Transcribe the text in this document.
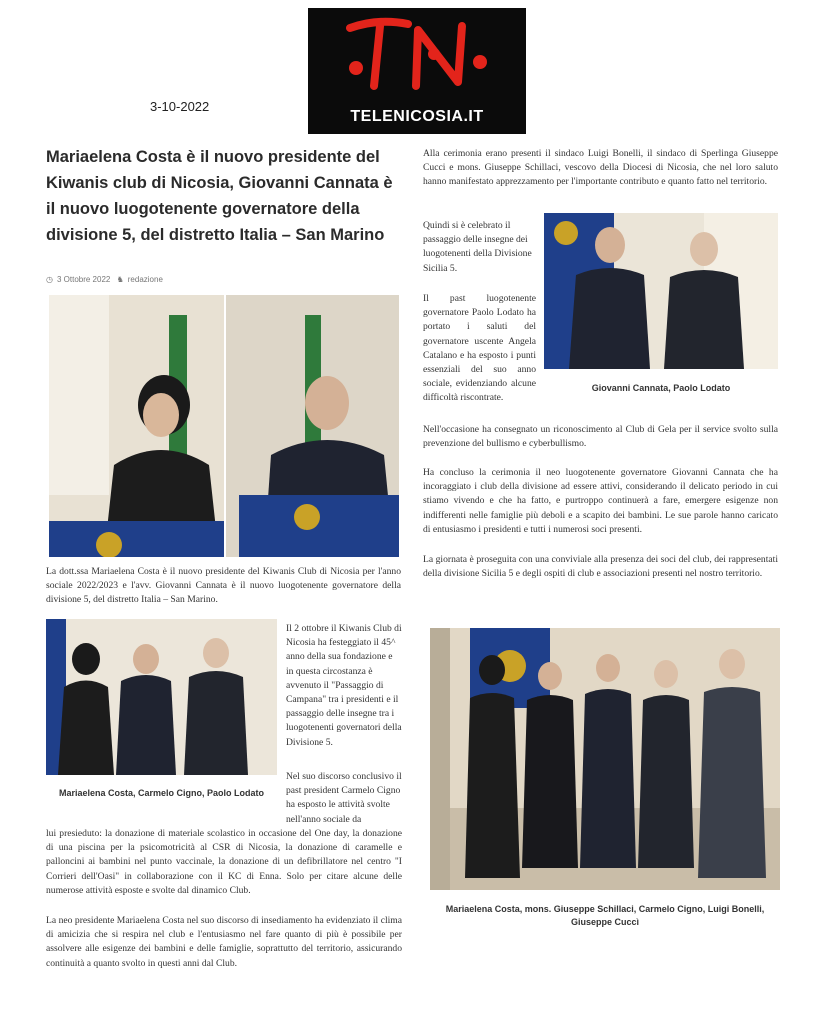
3-10-2022
TELENICOSIA.IT
Mariaelena Costa è il nuovo presidente del Kiwanis club di Nicosia, Giovanni Cannata è il nuovo luogotenente governatore della divisione 5, del distretto Italia – San Marino
◷ 3 Ottobre 2022 ♞ redazione

La dott.ssa Mariaelena Costa è il nuovo presidente del Kiwanis Club di Nicosia per l'anno sociale 2022/2023 e l'avv. Giovanni Cannata è il nuovo luogotenente governatore della divisione 5, del distretto Italia – San Marino.

Mariaelena Costa, Carmelo Cigno, Paolo Lodato

Il 2 ottobre il Kiwanis Club di Nicosia ha festeggiato il 45^ anno della sua fondazione e in questa circostanza è avvenuto il "Passaggio di Campana" tra i presidenti e il passaggio delle insegne tra i luogotenenti governatori della Divisione 5.

Nel suo discorso conclusivo il past president Carmelo Cigno ha esposto le attività svolte nell'anno sociale da

lui presieduto: la donazione di materiale scolastico in occasione del One day, la donazione di una piscina per la psicomotricità al CSR di Nicosia, la donazione di caramelle e palloncini ai bambini nel punto vaccinale, la donazione di un defibrillatore nel centro "I Corrieri dell'Oasi" in collaborazione con il KC di Enna. Solo per citare alcune delle numerose attività esposte e svolte dal dinamico Club.

La neo presidente Mariaelena Costa nel suo discorso di insediamento ha evidenziato il clima di amicizia che si respira nel club e l'entusiasmo nel fare quanto di più è possibile per assolvere alle esigenze dei bambini e delle famiglie, soprattutto del territorio, assicurando continuità a quanto svolto in questi anni dal Club.

Alla cerimonia erano presenti il sindaco Luigi Bonelli, il sindaco di Sperlinga Giuseppe Cucci e mons. Giuseppe Schillaci, vescovo della Diocesi di Nicosia, che nel loro saluto hanno manifestato apprezzamento per l'importante contributo e quanto fatto nel territorio.

Quindi si è celebrato il passaggio delle insegne dei luogotenenti della Divisione Sicilia 5.

Il past luogotenente governatore Paolo Lodato ha portato i saluti del governatore uscente Angela Catalano e ha esposto i punti essenziali del suo anno sociale, evidenziando alcune difficoltà riscontrate.

Giovanni Cannata, Paolo Lodato

Nell'occasione ha consegnato un riconoscimento al Club di Gela per il service svolto sulla prevenzione del bullismo e cyberbullismo.

Ha concluso la cerimonia il neo luogotenente governatore Giovanni Cannata che ha incoraggiato i club della divisione ad essere attivi, considerando il delicato periodo in cui stiamo vivendo e che ha fatto, e purtroppo continuerà a fare, emergere esigenze non indifferenti nelle famiglie più deboli e a scapito dei bambini. Le sue parole hanno caricato di entusiasmo i presidenti e tutti i numerosi soci presenti.

La giornata è proseguita con una conviviale alla presenza dei soci del club, dei rappresentati della divisione Sicilia 5 e degli ospiti di club e associazioni presenti nel nostro territorio.

Mariaelena Costa, mons. Giuseppe Schillaci, Carmelo Cigno, Luigi Bonelli, Giuseppe Cuccì
